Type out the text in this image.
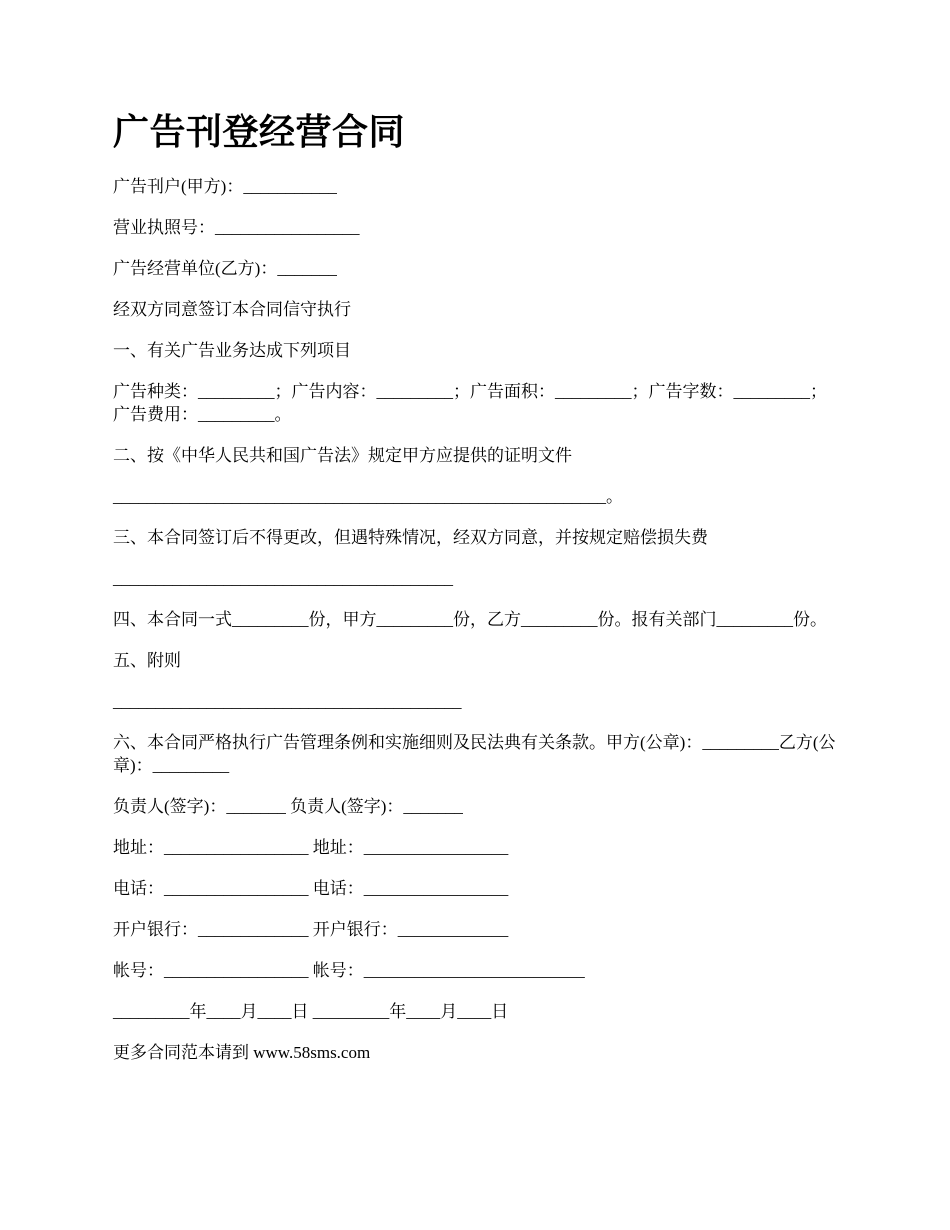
广告刊登经营合同

广告刊户(甲方)：___________

营业执照号：_________________

广告经营单位(乙方)：_______

经双方同意签订本合同信守执行

一、有关广告业务达成下列项目

广告种类：_________；广告内容：_________；广告面积：_________；广告字数：_________；广告费用：_________。

二、按《中华人民共和国广告法》规定甲方应提供的证明文件

__________________________________________________________。

三、本合同签订后不得更改，但遇特殊情况，经双方同意，并按规定赔偿损失费

________________________________________

四、本合同一式_________份，甲方_________份，乙方_________份。报有关部门_________份。

五、附则

_________________________________________

六、本合同严格执行广告管理条例和实施细则及民法典有关条款。甲方(公章)：_________乙方(公章)：_________

负责人(签字)：_______ 负责人(签字)：_______

地址：_________________ 地址：_________________

电话：_________________ 电话：_________________

开户银行：_____________ 开户银行：_____________

帐号：_________________ 帐号：__________________________

_________年____月____日 _________年____月____日

更多合同范本请到 www.58sms.com
